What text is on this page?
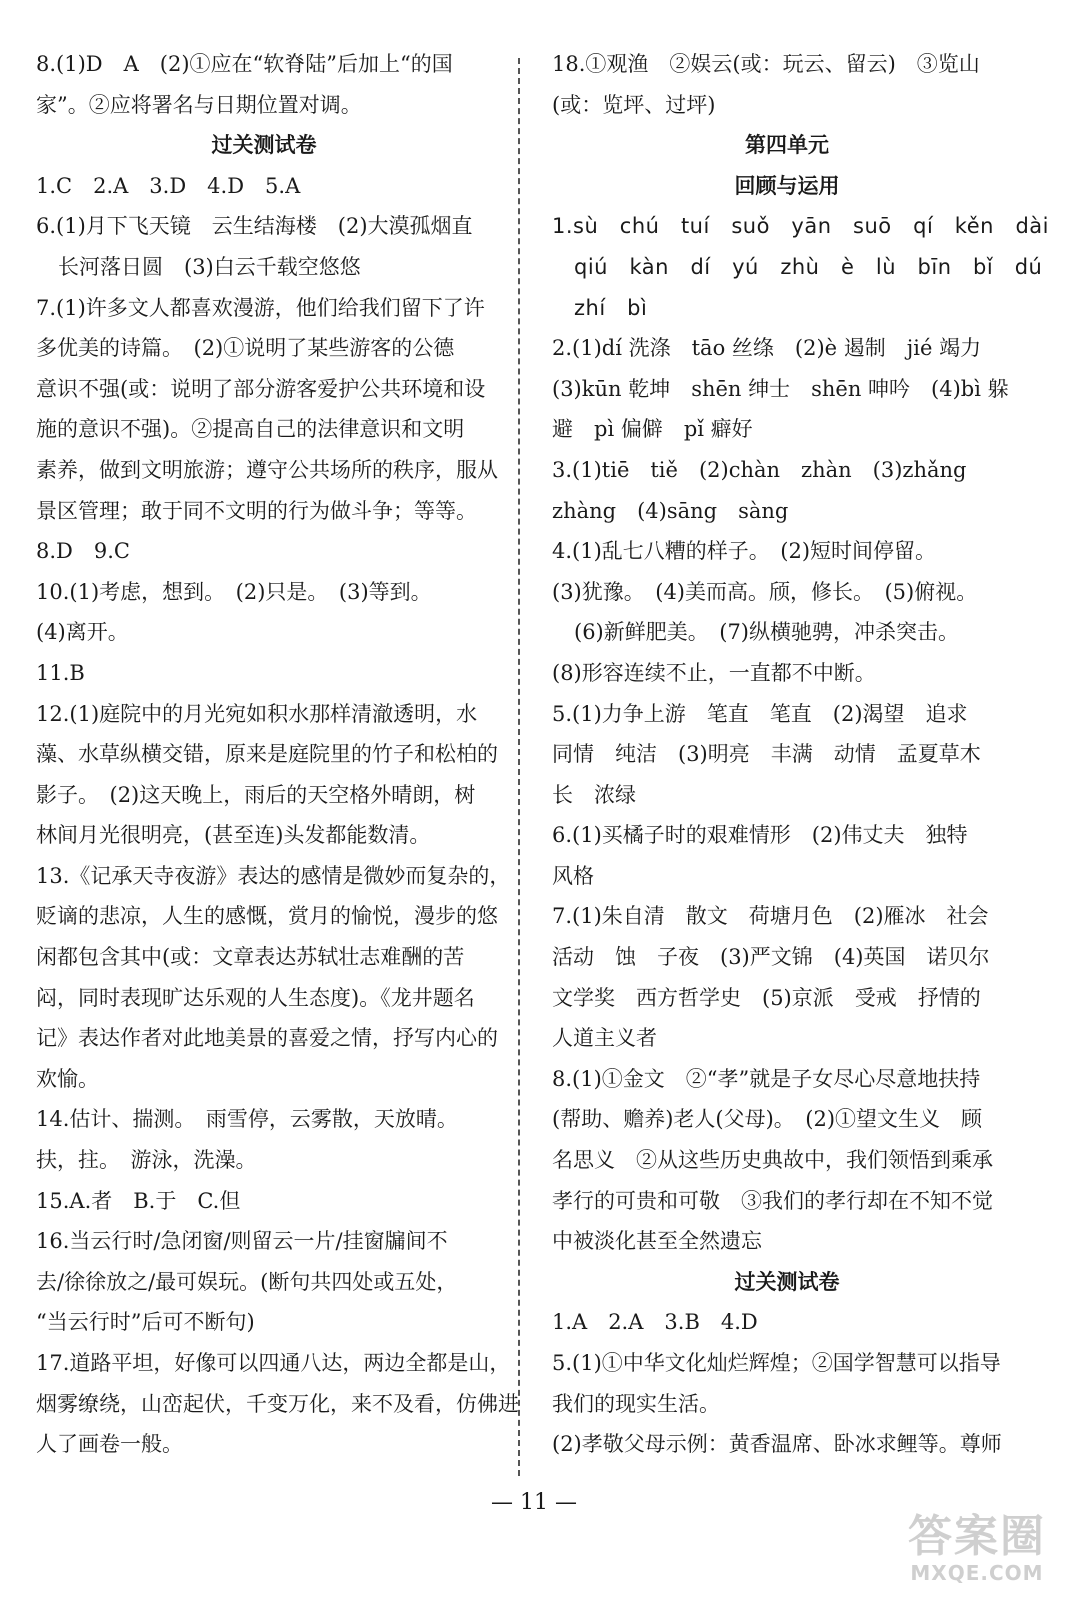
8.(1)D　A　(2)①应在“软脊陆”后加上“的国
家”。②应将署名与日期位置对调。
过关测试卷
1.C　2.A　3.D　4.D　5.A
6.(1)月下飞天镜　云生结海楼　(2)大漠孤烟直
长河落日圆　(3)白云千载空悠悠
7.(1)许多文人都喜欢漫游，他们给我们留下了许
多优美的诗篇。　(2)①说明了某些游客的公德
意识不强(或：说明了部分游客爱护公共环境和设
施的意识不强)。②提高自己的法律意识和文明
素养，做到文明旅游；遵守公共场所的秩序，服从
景区管理；敢于同不文明的行为做斗争；等等。
8.D　9.C
10.(1)考虑，想到。　(2)只是。　(3)等到。
(4)离开。
11.B
12.(1)庭院中的月光宛如积水那样清澈透明，水
藻、水草纵横交错，原来是庭院里的竹子和松柏的
影子。　(2)这天晚上，雨后的天空格外晴朗，树
林间月光很明亮，(甚至连)头发都能数清。
13.《记承天寺夜游》表达的感情是微妙而复杂的，
贬谪的悲凉，人生的感慨，赏月的愉悦，漫步的悠
闲都包含其中(或：文章表达苏轼壮志难酬的苦
闷，同时表现旷达乐观的人生态度)。《龙井题名
记》表达作者对此地美景的喜爱之情，抒写内心的
欢愉。
14.估计、揣测。　雨雪停，云雾散，天放晴。
扶，拄。　游泳，洗澡。
15.A.者　B.于　C.但
16.当云行时/急闭窗/则留云一片/挂窗牖间不
去/徐徐放之/最可娱玩。(断句共四处或五处，
“当云行时”后可不断句)
17.道路平坦，好像可以四通八达，两边全都是山，
烟雾缭绕，山峦起伏，千变万化，来不及看，仿佛进
人了画卷一般。
18.①观渔　②娱云(或：玩云、留云)　③览山
(或：览坪、过坪)
第四单元
回顾与运用
1.sù　chú　tuí　suǒ　yān　suō　qí　kěn　dài
qiú　kàn　dí　yú　zhù　è　lù　bīn　bǐ　dú
zhí　bì
2.(1)dí 洗涤　tāo 丝绦　(2)è 遏制　jié 竭力
(3)kūn 乾坤　shēn 绅士　shēn 呻吟　(4)bì 躲
避　pì 偏僻　pǐ 癖好
3.(1)tiē　tiě　(2)chàn　zhàn　(3)zhǎng
zhàng　(4)sāng　sàng
4.(1)乱七八糟的样子。　(2)短时间停留。
(3)犹豫。　(4)美而高。颀，修长。　(5)俯视。
(6)新鲜肥美。　(7)纵横驰骋，冲杀突击。
(8)形容连续不止，一直都不中断。
5.(1)力争上游　笔直　笔直　(2)渴望　追求
同情　纯洁　(3)明亮　丰满　动情　孟夏草木
长　浓绿
6.(1)买橘子时的艰难情形　(2)伟丈夫　独特
风格
7.(1)朱自清　散文　荷塘月色　(2)雁冰　社会
活动　蚀　子夜　(3)严文锦　(4)英国　诺贝尔
文学奖　西方哲学史　(5)京派　受戒　抒情的
人道主义者
8.(1)①金文　②“孝”就是子女尽心尽意地扶持
(帮助、赡养)老人(父母)。　(2)①望文生义　顾
名思义　②从这些历史典故中，我们领悟到乘承
孝行的可贵和可敬　③我们的孝行却在不知不觉
中被淡化甚至全然遗忘
过关测试卷
1.A　2.A　3.B　4.D
5.(1)①中华文化灿烂辉煌；②国学智慧可以指导
我们的现实生活。
(2)孝敬父母示例：黄香温席、卧冰求鲤等。尊师
— 11 —
答案圈
MXQE.COM
